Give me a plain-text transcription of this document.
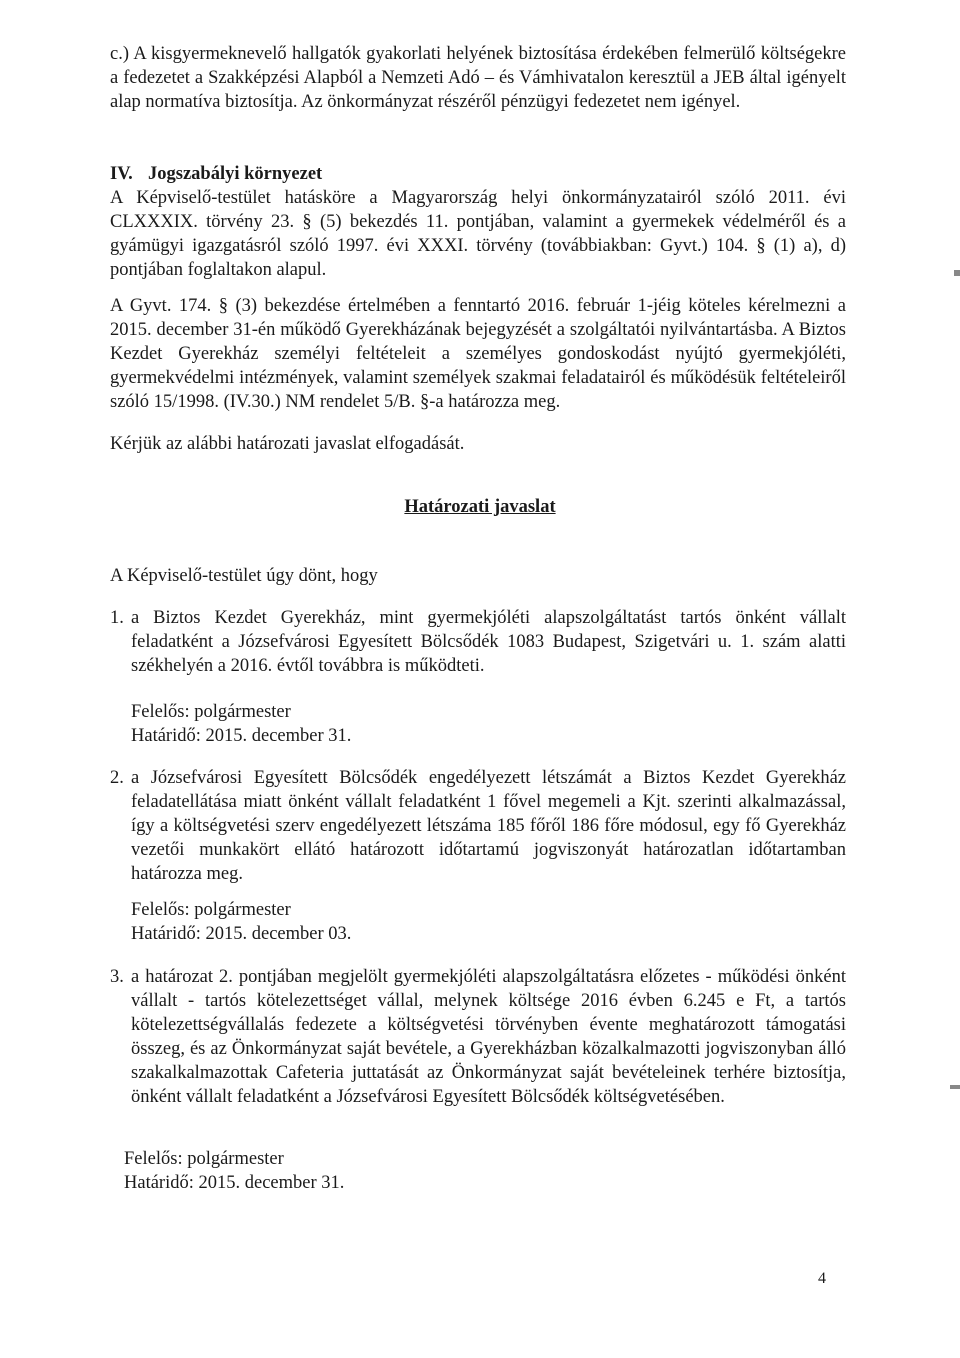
c.) A kisgyermeknevelő hallgatók gyakorlati helyének biztosítása érdekében felmerülő költségekre a fedezetet a Szakképzési Alapból a Nemzeti Adó – és Vámhivatalon keresztül a JEB által igényelt alap normatíva biztosítja. Az önkormányzat részéről pénzügyi fedezetet nem igényel.
IV. Jogszabályi környezet
A Képviselő-testület hatásköre a Magyarország helyi önkormányzatairól szóló 2011. évi CLXXXIX. törvény 23. § (5) bekezdés 11. pontjában, valamint a gyermekek védelméről és a gyámügyi igazgatásról szóló 1997. évi XXXI. törvény (továbbiakban: Gyvt.) 104. § (1) a), d) pontjában foglaltakon alapul.
A Gyvt. 174. § (3) bekezdése értelmében a fenntartó 2016. február 1-jéig köteles kérelmezni a 2015. december 31-én működő Gyerekházának bejegyzését a szolgáltatói nyilvántartásba. A Biztos Kezdet Gyerekház személyi feltételeit a személyes gondoskodást nyújtó gyermekjóléti, gyermekvédelmi intézmények, valamint személyek szakmai feladatairól és működésük feltételeiről szóló 15/1998. (IV.30.) NM rendelet 5/B. §-a határozza meg.
Kérjük az alábbi határozati javaslat elfogadását.
Határozati javaslat
A Képviselő-testület úgy dönt, hogy
1. a Biztos Kezdet Gyerekház, mint gyermekjóléti alapszolgáltatást tartós önként vállalt feladatként a Józsefvárosi Egyesített Bölcsődék 1083 Budapest, Szigetvári u. 1. szám alatti székhelyén a 2016. évtől továbbra is működteti.
Felelős: polgármester
Határidő: 2015. december 31.
2. a Józsefvárosi Egyesített Bölcsődék engedélyezett létszámát a Biztos Kezdet Gyerekház feladatellátása miatt önként vállalt feladatként 1 fővel megemeli a Kjt. szerinti alkalmazással, így a költségvetési szerv engedélyezett létszáma 185 főről 186 főre módosul, egy fő Gyerekház vezetői munkakört ellátó határozott időtartamú jogviszonyát határozatlan időtartamban határozza meg.
Felelős: polgármester
Határidő: 2015. december 03.
3. a határozat 2. pontjában megjelölt gyermekjóléti alapszolgáltatásra előzetes - működési önként vállalt - tartós kötelezettséget vállal, melynek költsége 2016 évben 6.245 e Ft, a tartós kötelezettségvállalás fedezete a költségvetési törvényben évente meghatározott támogatási összeg, és az Önkormányzat saját bevétele, a Gyerekházban közalkalmazotti jogviszonyban álló szakalkalmazottak Cafeteria juttatását az Önkormányzat saját bevételeinek terhére biztosítja, önként vállalt feladatként a Józsefvárosi Egyesített Bölcsődék költségvetésében.
Felelős: polgármester
Határidő: 2015. december 31.
4
